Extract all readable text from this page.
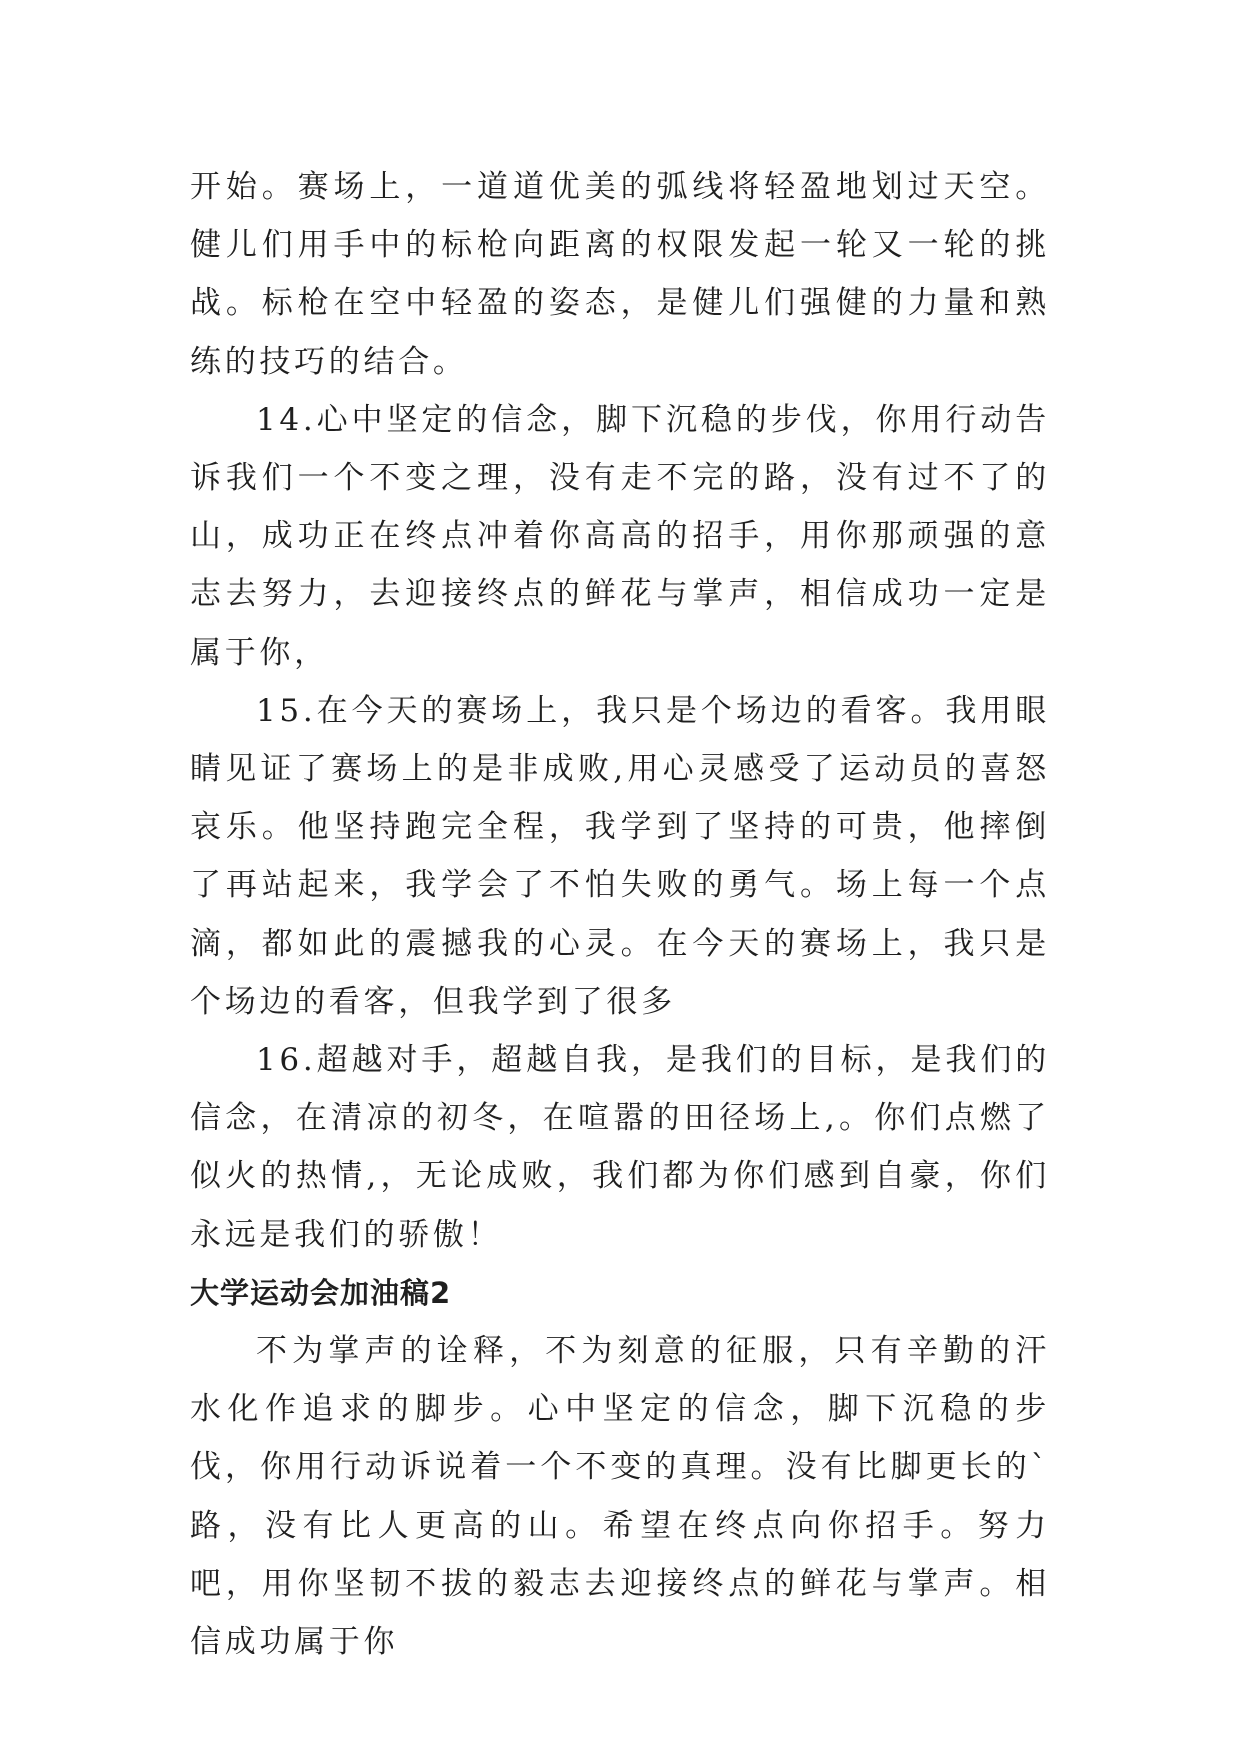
开始。赛场上，一道道优美的弧线将轻盈地划过天空。健儿们用手中的标枪向距离的权限发起一轮又一轮的挑战。标枪在空中轻盈的姿态，是健儿们强健的力量和熟练的技巧的结合。

14.心中坚定的信念，脚下沉稳的步伐，你用行动告诉我们一个不变之理，没有走不完的路，没有过不了的山，成功正在终点冲着你高高的招手，用你那顽强的意志去努力，去迎接终点的鲜花与掌声，相信成功一定是属于你，

15.在今天的赛场上，我只是个场边的看客。我用眼睛见证了赛场上的是非成败,用心灵感受了运动员的喜怒哀乐。他坚持跑完全程，我学到了坚持的可贵，他摔倒了再站起来，我学会了不怕失败的勇气。场上每一个点滴，都如此的震撼我的心灵。在今天的赛场上，我只是个场边的看客，但我学到了很多

16.超越对手，超越自我，是我们的目标，是我们的信念，在清凉的初冬，在喧嚣的田径场上,。你们点燃了似火的热情,，无论成败，我们都为你们感到自豪，你们永远是我们的骄傲！

大学运动会加油稿2

不为掌声的诠释，不为刻意的征服，只有辛勤的汗水化作追求的脚步。心中坚定的信念，脚下沉稳的步伐，你用行动诉说着一个不变的真理。没有比脚更长的`路，没有比人更高的山。希望在终点向你招手。努力吧，用你坚韧不拔的毅志去迎接终点的鲜花与掌声。相信成功属于你
